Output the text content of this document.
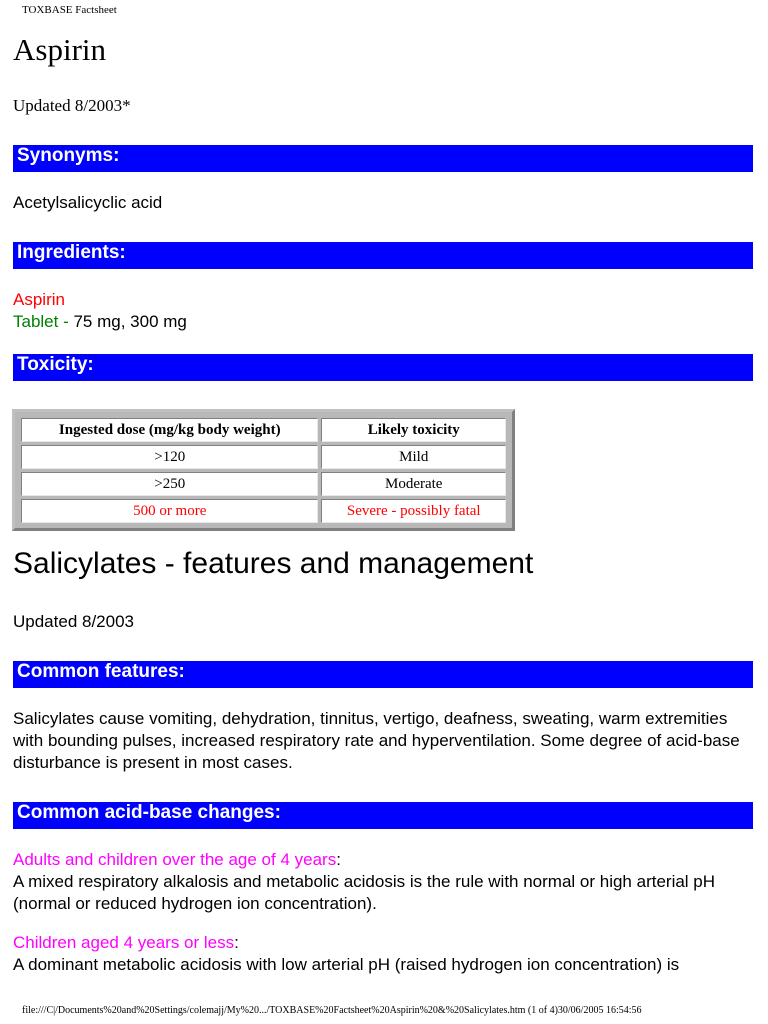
TOXBASE Factsheet
Aspirin
Updated 8/2003*
Synonyms:
Acetylsalicyclic acid
Ingredients:
Aspirin
Tablet - 75 mg, 300 mg
Toxicity:
Ingested dose (mg/kg body weight)	Likely toxicity
>120	Mild
>250	Moderate
500 or more	Severe - possibly fatal
Salicylates - features and management
Updated 8/2003
Common features:
Salicylates cause vomiting, dehydration, tinnitus, vertigo, deafness, sweating, warm extremities with bounding pulses, increased respiratory rate and hyperventilation. Some degree of acid-base disturbance is present in most cases.
Common acid-base changes:
Adults and children over the age of 4 years:
A mixed respiratory alkalosis and metabolic acidosis is the rule with normal or high arterial pH (normal or reduced hydrogen ion concentration).
Children aged 4 years or less:
A dominant metabolic acidosis with low arterial pH (raised hydrogen ion concentration) is
file:///C|/Documents%20and%20Settings/colemajj/My%20.../TOXBASE%20Factsheet%20Aspirin%20&%20Salicylates.htm (1 of 4)30/06/2005 16:54:56
